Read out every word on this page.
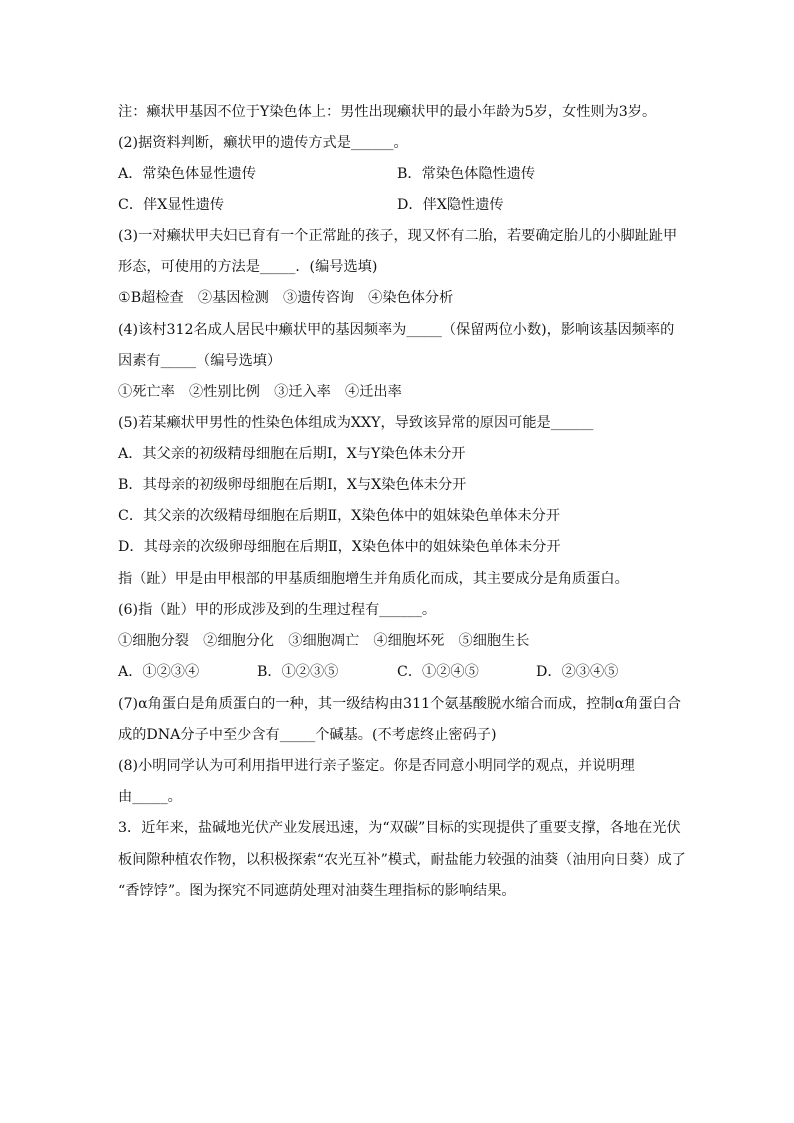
注：癞状甲基因不位于Y染色体上：男性出现癞状甲的最小年龄为5岁，女性则为3岁。
(2)据资料判断，癞状甲的遗传方式是______。
A．常染色体显性遗传	B．常染色体隐性遗传
C．伴X显性遗传	D．伴X隐性遗传
(3)一对癞状甲夫妇已育有一个正常趾的孩子，现又怀有二胎，若要确定胎儿的小脚趾趾甲
形态，可使用的方法是_____．(编号选填)
①B超检查　②基因检测　③遗传咨询　④染色体分析
(4)该村312名成人居民中癞状甲的基因频率为_____（保留两位小数)，影响该基因频率的
因素有_____（编号选填）
①死亡率　②性别比例　③迁入率　④迁出率
(5)若某癞状甲男性的性染色体组成为XXY，导致该异常的原因可能是______
A．其父亲的初级精母细胞在后期Ⅰ，X与Y染色体未分开
B．其母亲的初级卵母细胞在后期Ⅰ，X与X染色体未分开
C．其父亲的次级精母细胞在后期Ⅱ，X染色体中的姐妹染色单体未分开
D．其母亲的次级卵母细胞在后期Ⅱ，X染色体中的姐妹染色单体未分开
指（趾）甲是由甲根部的甲基质细胞增生并角质化而成，其主要成分是角质蛋白。
(6)指（趾）甲的形成涉及到的生理过程有______。
①细胞分裂　②细胞分化　③细胞凋亡　④细胞坏死　⑤细胞生长
A．①②③④	B．①②③⑤	C．①②④⑤	D．②③④⑤
(7)α角蛋白是角质蛋白的一种，其一级结构由311个氨基酸脱水缩合而成，控制α角蛋白合
成的DNA分子中至少含有_____个碱基。(不考虑终止密码子)
(8)小明同学认为可利用指甲进行亲子鉴定。你是否同意小明同学的观点，并说明理
由_____。
3．近年来，盐碱地光伏产业发展迅速，为“双碳”目标的实现提供了重要支撑，各地在光伏
板间隙种植农作物，以积极探索“农光互补”模式，耐盐能力较强的油葵（油用向日葵）成了
“香饽饽”。图为探究不同遮荫处理对油葵生理指标的影响结果。
